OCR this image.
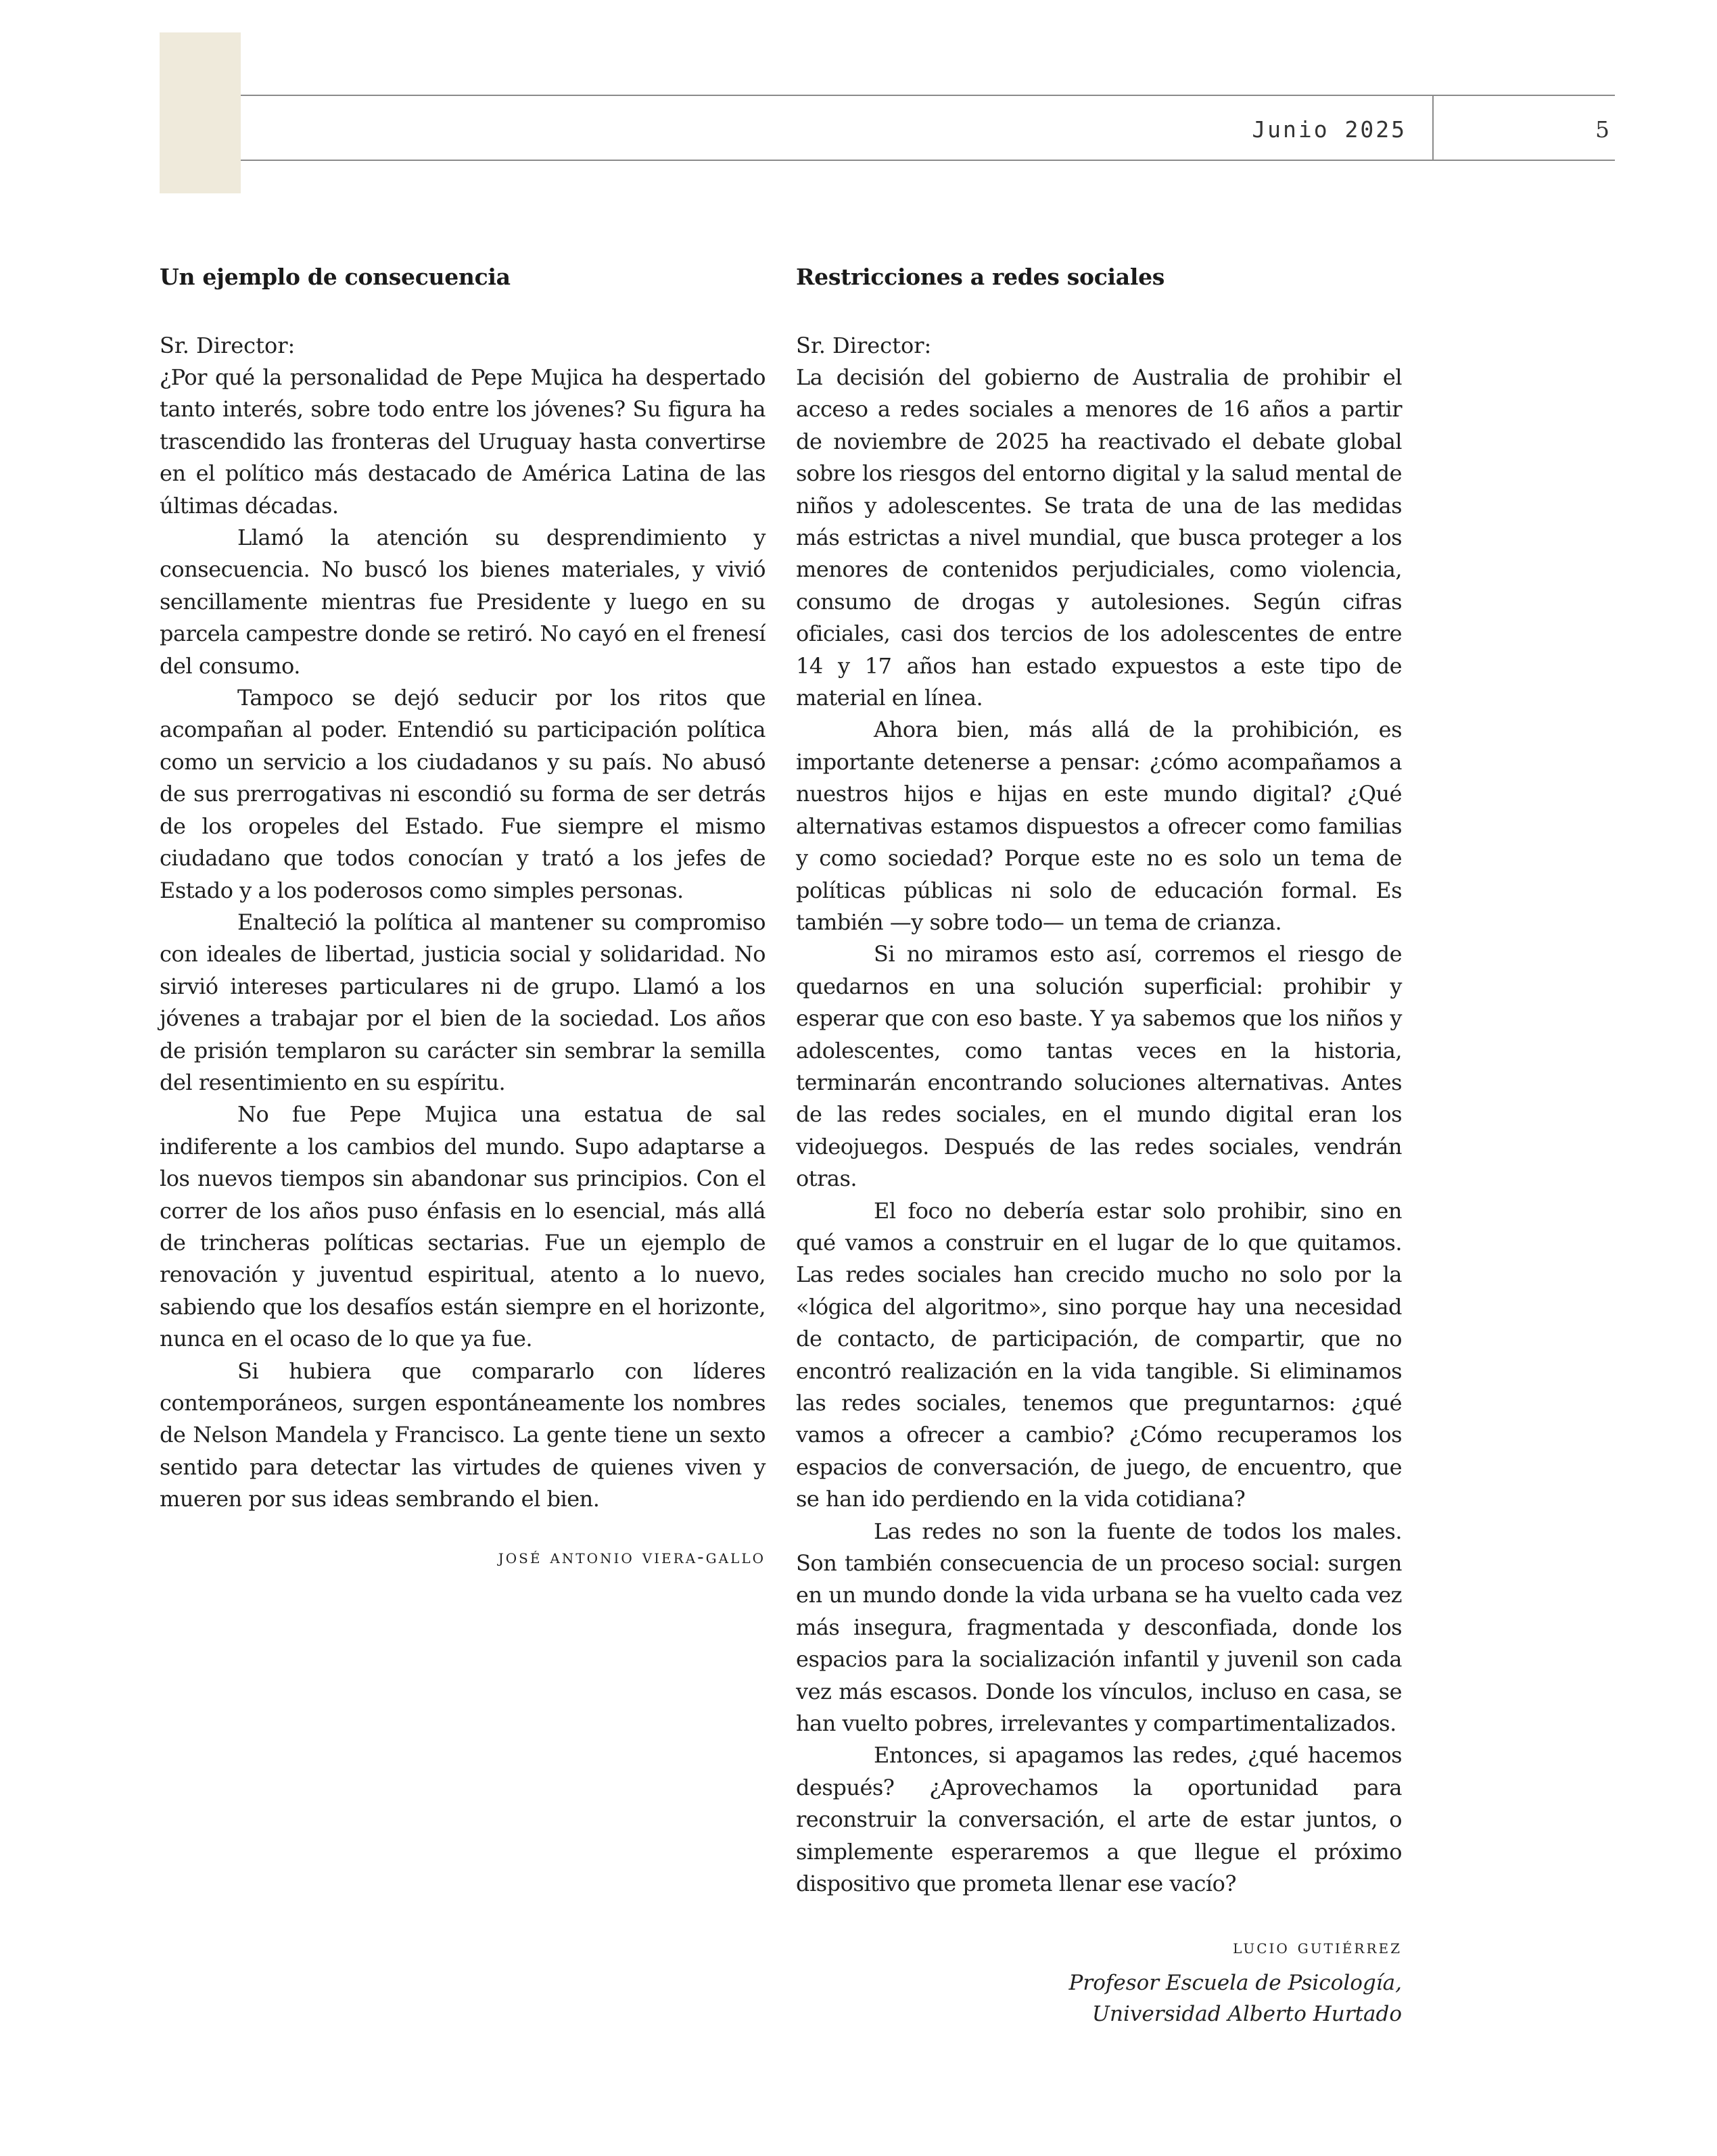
Junio 2025	5
Un ejemplo de consecuencia

Sr. Director:

¿Por qué la personalidad de Pepe Mujica ha despertado tanto interés, sobre todo entre los jóvenes? Su figura ha trascendido las fronteras del Uruguay hasta convertirse en el político más destacado de América Latina de las últimas décadas.

Llamó la atención su desprendimiento y consecuencia. No buscó los bienes materiales, y vivió sencillamente mientras fue Presidente y luego en su parcela campestre donde se retiró. No cayó en el frenesí del consumo.

Tampoco se dejó seducir por los ritos que acompañan al poder. Entendió su participación política como un servicio a los ciudadanos y su país. No abusó de sus prerrogativas ni escondió su forma de ser detrás de los oropeles del Estado. Fue siempre el mismo ciudadano que todos conocían y trató a los jefes de Estado y a los poderosos como simples personas.

Enalteció la política al mantener su compromiso con ideales de libertad, justicia social y solidaridad. No sirvió intereses particulares ni de grupo. Llamó a los jóvenes a trabajar por el bien de la sociedad. Los años de prisión templaron su carácter sin sembrar la semilla del resentimiento en su espíritu.

No fue Pepe Mujica una estatua de sal indiferente a los cambios del mundo. Supo adaptarse a los nuevos tiempos sin abandonar sus principios. Con el correr de los años puso énfasis en lo esencial, más allá de trincheras políticas sectarias. Fue un ejemplo de renovación y juventud espiritual, atento a lo nuevo, sabiendo que los desafíos están siempre en el horizonte, nunca en el ocaso de lo que ya fue.

Si hubiera que compararlo con líderes contemporáneos, surgen espontáneamente los nombres de Nelson Mandela y Francisco. La gente tiene un sexto sentido para detectar las virtudes de quienes viven y mueren por sus ideas sembrando el bien.

josé antonio viera-gallo

Restricciones a redes sociales

Sr. Director:

La decisión del gobierno de Australia de prohibir el acceso a redes sociales a menores de 16 años a partir de noviembre de 2025 ha reactivado el debate global sobre los riesgos del entorno digital y la salud mental de niños y adolescentes. Se trata de una de las medidas más estrictas a nivel mundial, que busca proteger a los menores de contenidos perjudiciales, como violencia, consumo de drogas y autolesiones. Según cifras oficiales, casi dos tercios de los adolescentes de entre 14 y 17 años han estado expuestos a este tipo de material en línea.

Ahora bien, más allá de la prohibición, es importante detenerse a pensar: ¿cómo acompañamos a nuestros hijos e hijas en este mundo digital? ¿Qué alternativas estamos dispuestos a ofrecer como familias y como sociedad? Porque este no es solo un tema de políticas públicas ni solo de educación formal. Es también —y sobre todo— un tema de crianza.

Si no miramos esto así, corremos el riesgo de quedarnos en una solución superficial: prohibir y esperar que con eso baste. Y ya sabemos que los niños y adolescentes, como tantas veces en la historia, terminarán encontrando soluciones alternativas. Antes de las redes sociales, en el mundo digital eran los videojuegos. Después de las redes sociales, vendrán otras.

El foco no debería estar solo prohibir, sino en qué vamos a construir en el lugar de lo que quitamos. Las redes sociales han crecido mucho no solo por la «lógica del algoritmo», sino porque hay una necesidad de contacto, de participación, de compartir, que no encontró realización en la vida tangible. Si eliminamos las redes sociales, tenemos que preguntarnos: ¿qué vamos a ofrecer a cambio? ¿Cómo recuperamos los espacios de conversación, de juego, de encuentro, que se han ido perdiendo en la vida cotidiana?

Las redes no son la fuente de todos los males. Son también consecuencia de un proceso social: surgen en un mundo donde la vida urbana se ha vuelto cada vez más insegura, fragmentada y desconfiada, donde los espacios para la socialización infantil y juvenil son cada vez más escasos. Donde los vínculos, incluso en casa, se han vuelto pobres, irrelevantes y compartimentalizados.

Entonces, si apagamos las redes, ¿qué hacemos después? ¿Aprovechamos la oportunidad para reconstruir la conversación, el arte de estar juntos, o simplemente esperaremos a que llegue el próximo dispositivo que prometa llenar ese vacío?

lucio gutiérrez

Profesor Escuela de Psicología,

Universidad Alberto Hurtado
